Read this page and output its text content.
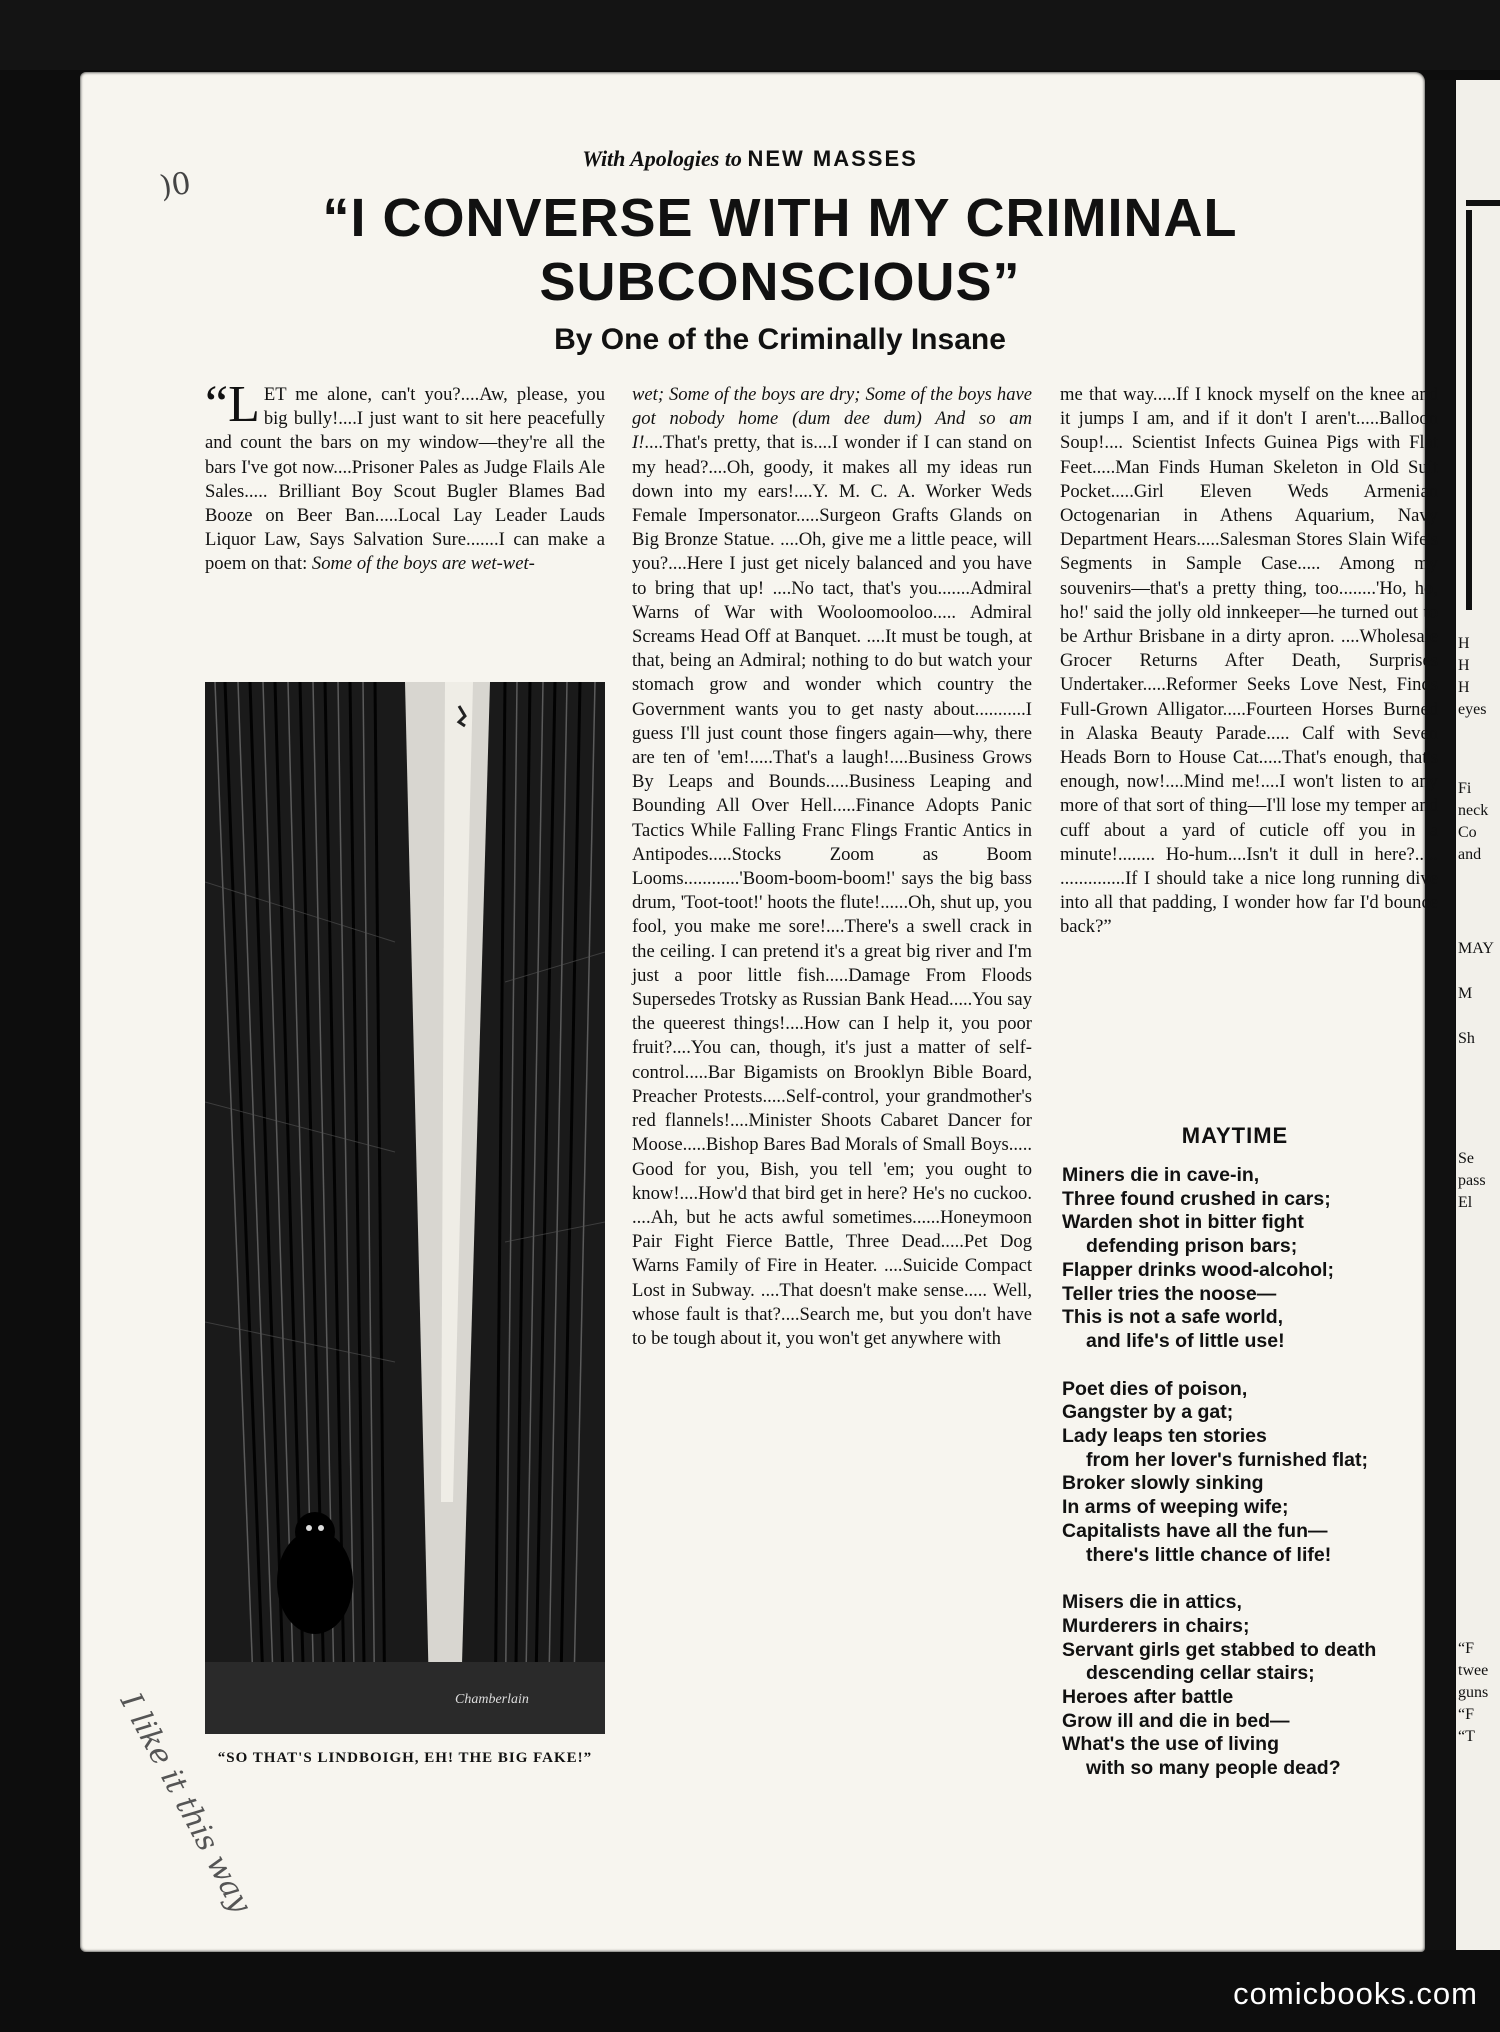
H
H
H
eyes
Fi
neck
Co
and
MAY
M
Sh
Se
pass
El
“F
twee
guns
“F
“T
)0
With Apologies to NEW MASSES
“I CONVERSE WITH MY CRIMINAL SUBCONSCIOUS”
By One of the Criminally Insane

“LET me alone, can't you?....Aw, please, you big bully!....I just want to sit here peacefully and count the bars on my window—they're all the bars I've got now....Prisoner Pales as Judge Flails Ale Sales..... Brilliant Boy Scout Bugler Blames Bad Booze on Beer Ban.....Local Lay Leader Lauds Liquor Law, Says Salvation Sure.......I can make a poem on that: Some of the boys are wet-wet-

Chamberlain
“SO THAT'S LINDBOIGH, EH! THE BIG FAKE!”

wet; Some of the boys are dry; Some of the boys have got nobody home (dum dee dum) And so am I!....That's pretty, that is....I wonder if I can stand on my head?....Oh, goody, it makes all my ideas run down into my ears!....Y. M. C. A. Worker Weds Female Impersonator.....Surgeon Grafts Glands on Big Bronze Statue. ....Oh, give me a little peace, will you?....Here I just get nicely balanced and you have to bring that up! ....No tact, that's you.......Admiral Warns of War with Wooloomooloo..... Admiral Screams Head Off at Banquet. ....It must be tough, at that, being an Admiral; nothing to do but watch your stomach grow and wonder which country the Government wants you to get nasty about...........I guess I'll just count those fingers again—why, there are ten of 'em!.....That's a laugh!....Business Grows By Leaps and Bounds.....Business Leaping and Bounding All Over Hell.....Finance Adopts Panic Tactics While Falling Franc Flings Frantic Antics in Antipodes.....Stocks Zoom as Boom Looms............'Boom-boom-boom!' says the big bass drum, 'Toot-toot!' hoots the flute!......Oh, shut up, you fool, you make me sore!....There's a swell crack in the ceiling. I can pretend it's a great big river and I'm just a poor little fish.....Damage From Floods Supersedes Trotsky as Russian Bank Head.....You say the queerest things!....How can I help it, you poor fruit?....You can, though, it's just a matter of self-control.....Bar Bigamists on Brooklyn Bible Board, Preacher Protests.....Self-control, your grandmother's red flannels!....Minister Shoots Cabaret Dancer for Moose.....Bishop Bares Bad Morals of Small Boys..... Good for you, Bish, you tell 'em; you ought to know!....How'd that bird get in here? He's no cuckoo. ....Ah, but he acts awful sometimes......Honeymoon Pair Fight Fierce Battle, Three Dead.....Pet Dog Warns Family of Fire in Heater. ....Suicide Compact Lost in Subway. ....That doesn't make sense..... Well, whose fault is that?....Search me, but you don't have to be tough about it, you won't get anywhere with

me that way.....If I knock myself on the knee and it jumps I am, and if it don't I aren't.....Balloon Soup!.... Scientist Infects Guinea Pigs with Flat Feet.....Man Finds Human Skeleton in Old Suit Pocket.....Girl Eleven Weds Armenian Octogenarian in Athens Aquarium, Navy Department Hears.....Salesman Stores Slain Wife's Segments in Sample Case..... Among my souvenirs—that's a pretty thing, too........'Ho, ho, ho!' said the jolly old innkeeper—he turned out to be Arthur Brisbane in a dirty apron. ....Wholesale Grocer Returns After Death, Surprises Undertaker.....Reformer Seeks Love Nest, Finds Full-Grown Alligator.....Fourteen Horses Burned in Alaska Beauty Parade..... Calf with Seven Heads Born to House Cat.....That's enough, that's enough, now!....Mind me!....I won't listen to any more of that sort of thing—I'll lose my temper and cuff about a yard of cuticle off you in a minute!........ Ho-hum....Isn't it dull in here?..... ..............If I should take a nice long running dive into all that padding, I wonder how far I'd bounce back?”

MAYTIME
Miners die in cave-in,
Three found crushed in cars;
Warden shot in bitter fight
defending prison bars;
Flapper drinks wood-alcohol;
Teller tries the noose—
This is not a safe world,
and life's of little use!
Poet dies of poison,
Gangster by a gat;
Lady leaps ten stories
from her lover's furnished flat;
Broker slowly sinking
In arms of weeping wife;
Capitalists have all the fun—
there's little chance of life!
Misers die in attics,
Murderers in chairs;
Servant girls get stabbed to death
descending cellar stairs;
Heroes after battle
Grow ill and die in bed—
What's the use of living
with so many people dead?
I like it this way
comicbooks.com
